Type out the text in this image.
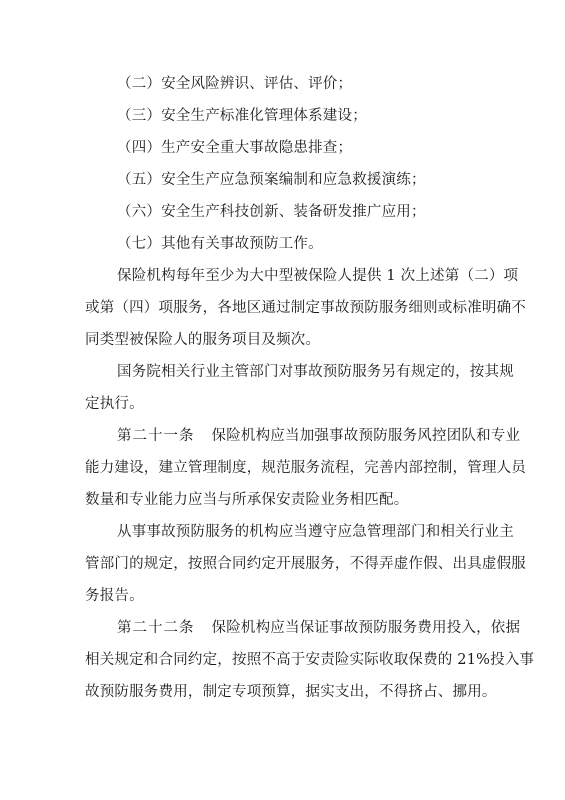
（二）安全风险辨识、评估、评价；
（三）安全生产标准化管理体系建设；
（四）生产安全重大事故隐患排查；
（五）安全生产应急预案编制和应急救援演练；
（六）安全生产科技创新、装备研发推广应用；
（七）其他有关事故预防工作。
保险机构每年至少为大中型被保险人提供 1 次上述第（二）项
或第（四）项服务，各地区通过制定事故预防服务细则或标准明确不
同类型被保险人的服务项目及频次。
国务院相关行业主管部门对事故预防服务另有规定的，按其规
定执行。
第二十一条 保险机构应当加强事故预防服务风控团队和专业
能力建设，建立管理制度，规范服务流程，完善内部控制，管理人员
数量和专业能力应当与所承保安责险业务相匹配。
从事事故预防服务的机构应当遵守应急管理部门和相关行业主
管部门的规定，按照合同约定开展服务，不得弄虚作假、出具虚假服
务报告。
第二十二条 保险机构应当保证事故预防服务费用投入，依据
相关规定和合同约定，按照不高于安责险实际收取保费的 21%投入事
故预防服务费用，制定专项预算，据实支出，不得挤占、挪用。
